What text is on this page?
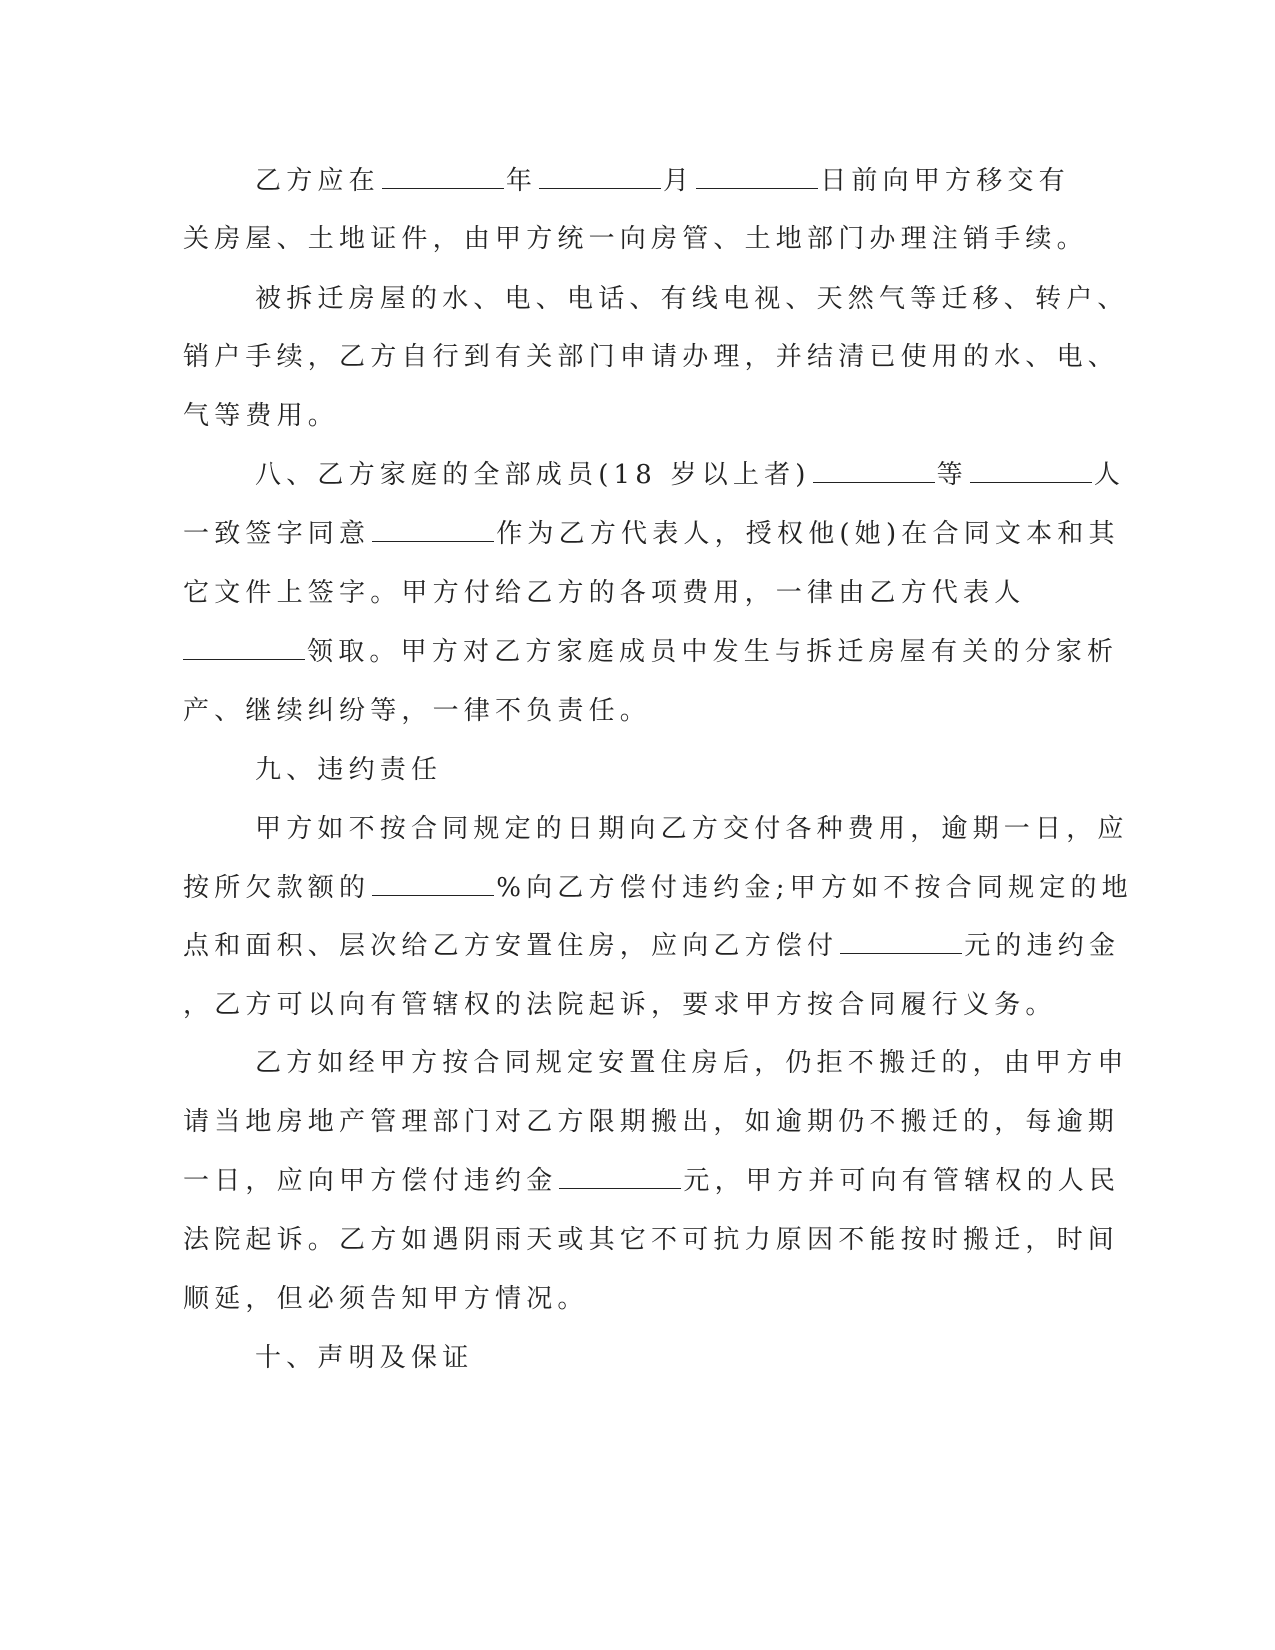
乙方应在	年	月	日前向甲方移交有
关房屋、土地证件，由甲方统一向房管、土地部门办理注销手续。
被拆迁房屋的水、电、电话、有线电视、天然气等迁移、转户、
销户手续，乙方自行到有关部门申请办理，并结清已使用的水、电、
气等费用。
八、乙方家庭的全部成员(18 岁以上者)	等	人
一致签字同意	作为乙方代表人，授权他(她)在合同文本和其
它文件上签字。甲方付给乙方的各项费用，一律由乙方代表人
领取。甲方对乙方家庭成员中发生与拆迁房屋有关的分家析
产、继续纠纷等，一律不负责任。
九、违约责任
甲方如不按合同规定的日期向乙方交付各种费用，逾期一日，应
按所欠款额的	%向乙方偿付违约金;甲方如不按合同规定的地
点和面积、层次给乙方安置住房，应向乙方偿付	元的违约金
，乙方可以向有管辖权的法院起诉，要求甲方按合同履行义务。
乙方如经甲方按合同规定安置住房后，仍拒不搬迁的，由甲方申
请当地房地产管理部门对乙方限期搬出，如逾期仍不搬迁的，每逾期
一日，应向甲方偿付违约金	元，甲方并可向有管辖权的人民
法院起诉。乙方如遇阴雨天或其它不可抗力原因不能按时搬迁，时间
顺延，但必须告知甲方情况。
十、声明及保证
